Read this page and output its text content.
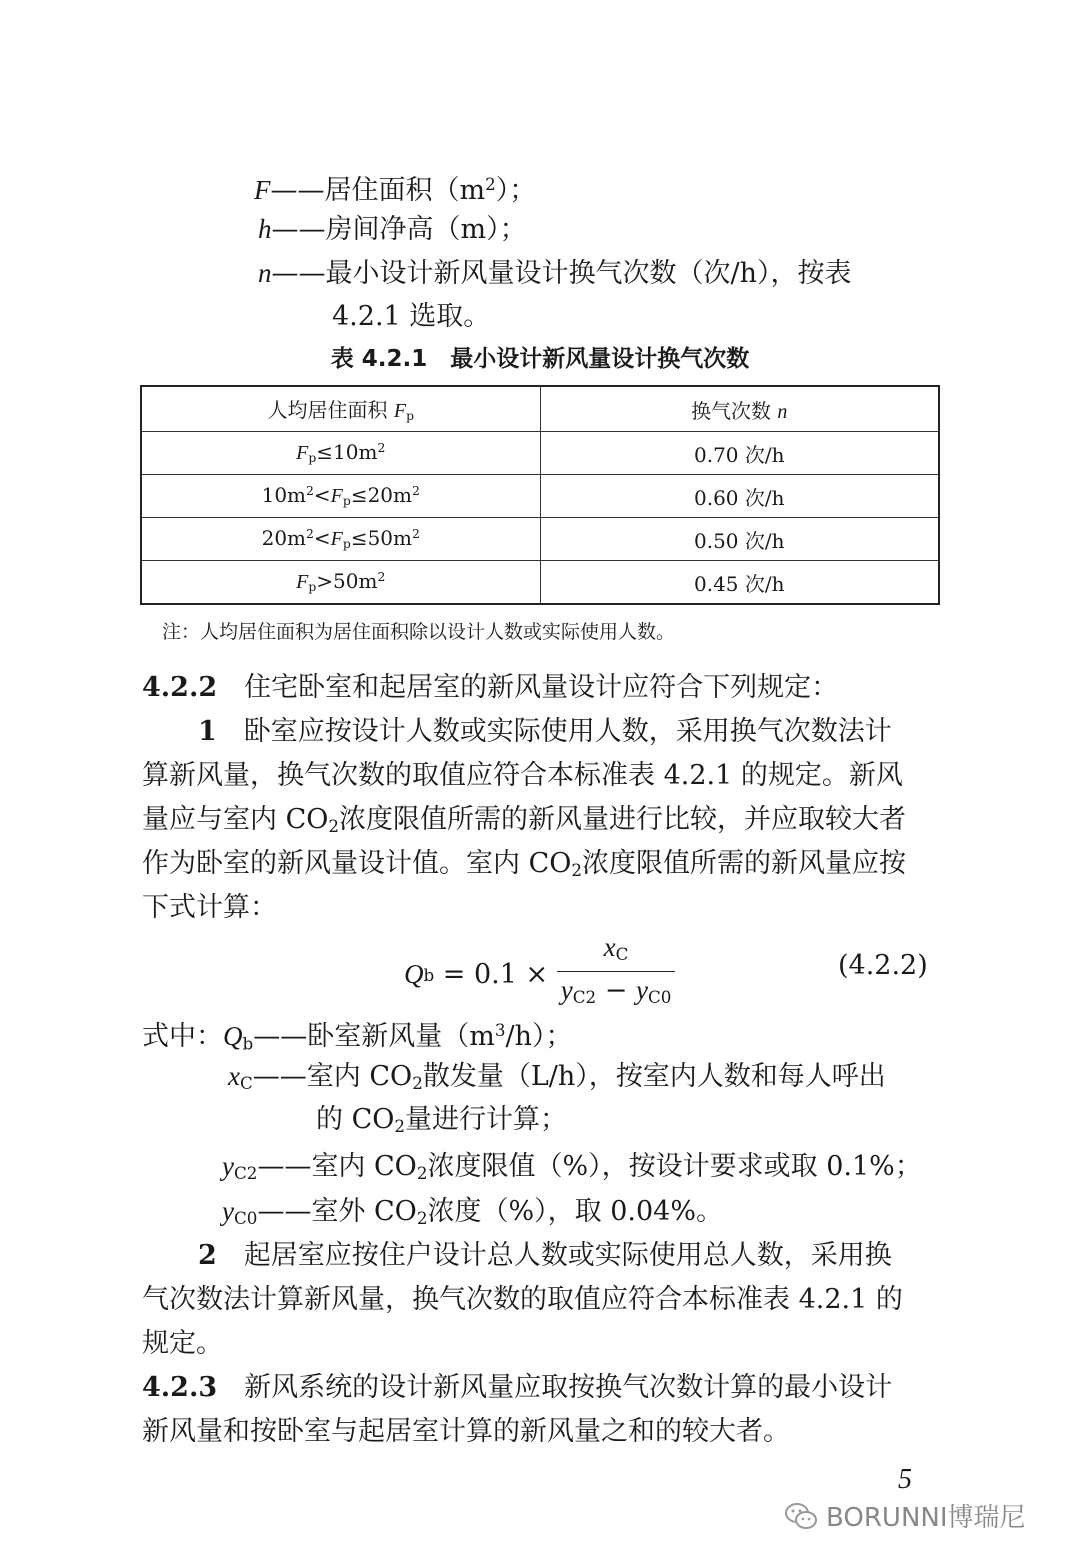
F——居住面积$(m^2)$；
h——房间净高（m）；
n——最小设计新风量设计换气次数（次/h），按表
4.2.1 选取。
表 4.2.1　最小设计新风量设计换气次数
人均居住面积 $F_p$	换气次数 n
$F_p\le 10m^2$	0.70 次/h
$10m^2<F_p\le 20m^2$	0.60 次/h
$20m^2<F_p\le 50m^2$	0.50 次/h
$F_p>50m^2$	0.45 次/h
注：人均居住面积为居住面积除以设计人数或实际使用人数。
4.2.2  住宅卧室和起居室的新风量设计应符合下列规定：
1  卧室应按设计人数或实际使用人数，采用换气次数法计
算新风量，换气次数的取值应符合本标准表 4.2.1 的规定。新风
量应与室内 $CO_2$浓度限值所需的新风量进行比较，并应取较大者
作为卧室的新风量设计值。室内 $CO_2$浓度限值所需的新风量应按
下式计算：
Q $b = 0.1 \times \frac{x_C}{y_{C2} - y_{C0}}$	(4.2.2)
式中：$Q_b——$卧室新风量$(m^3/h)$；
$x_C——$室内 $CO_2$散发量（L/h），按室内人数和每人呼出
的 $CO_2$量进行计算；
$y_{C2}——$室内 $CO_2$浓度限值（%），按设计要求或取 0.1%；
$y_{C0}——$室外 $CO_2$浓度（%），取 0.04%。
2  起居室应按住户设计总人数或实际使用总人数，采用换
气次数法计算新风量，换气次数的取值应符合本标准表 4.2.1 的
规定。
4.2.3  新风系统的设计新风量应取按换气次数计算的最小设计
新风量和按卧室与起居室计算的新风量之和的较大者。
5
BORUNNI博瑞尼
